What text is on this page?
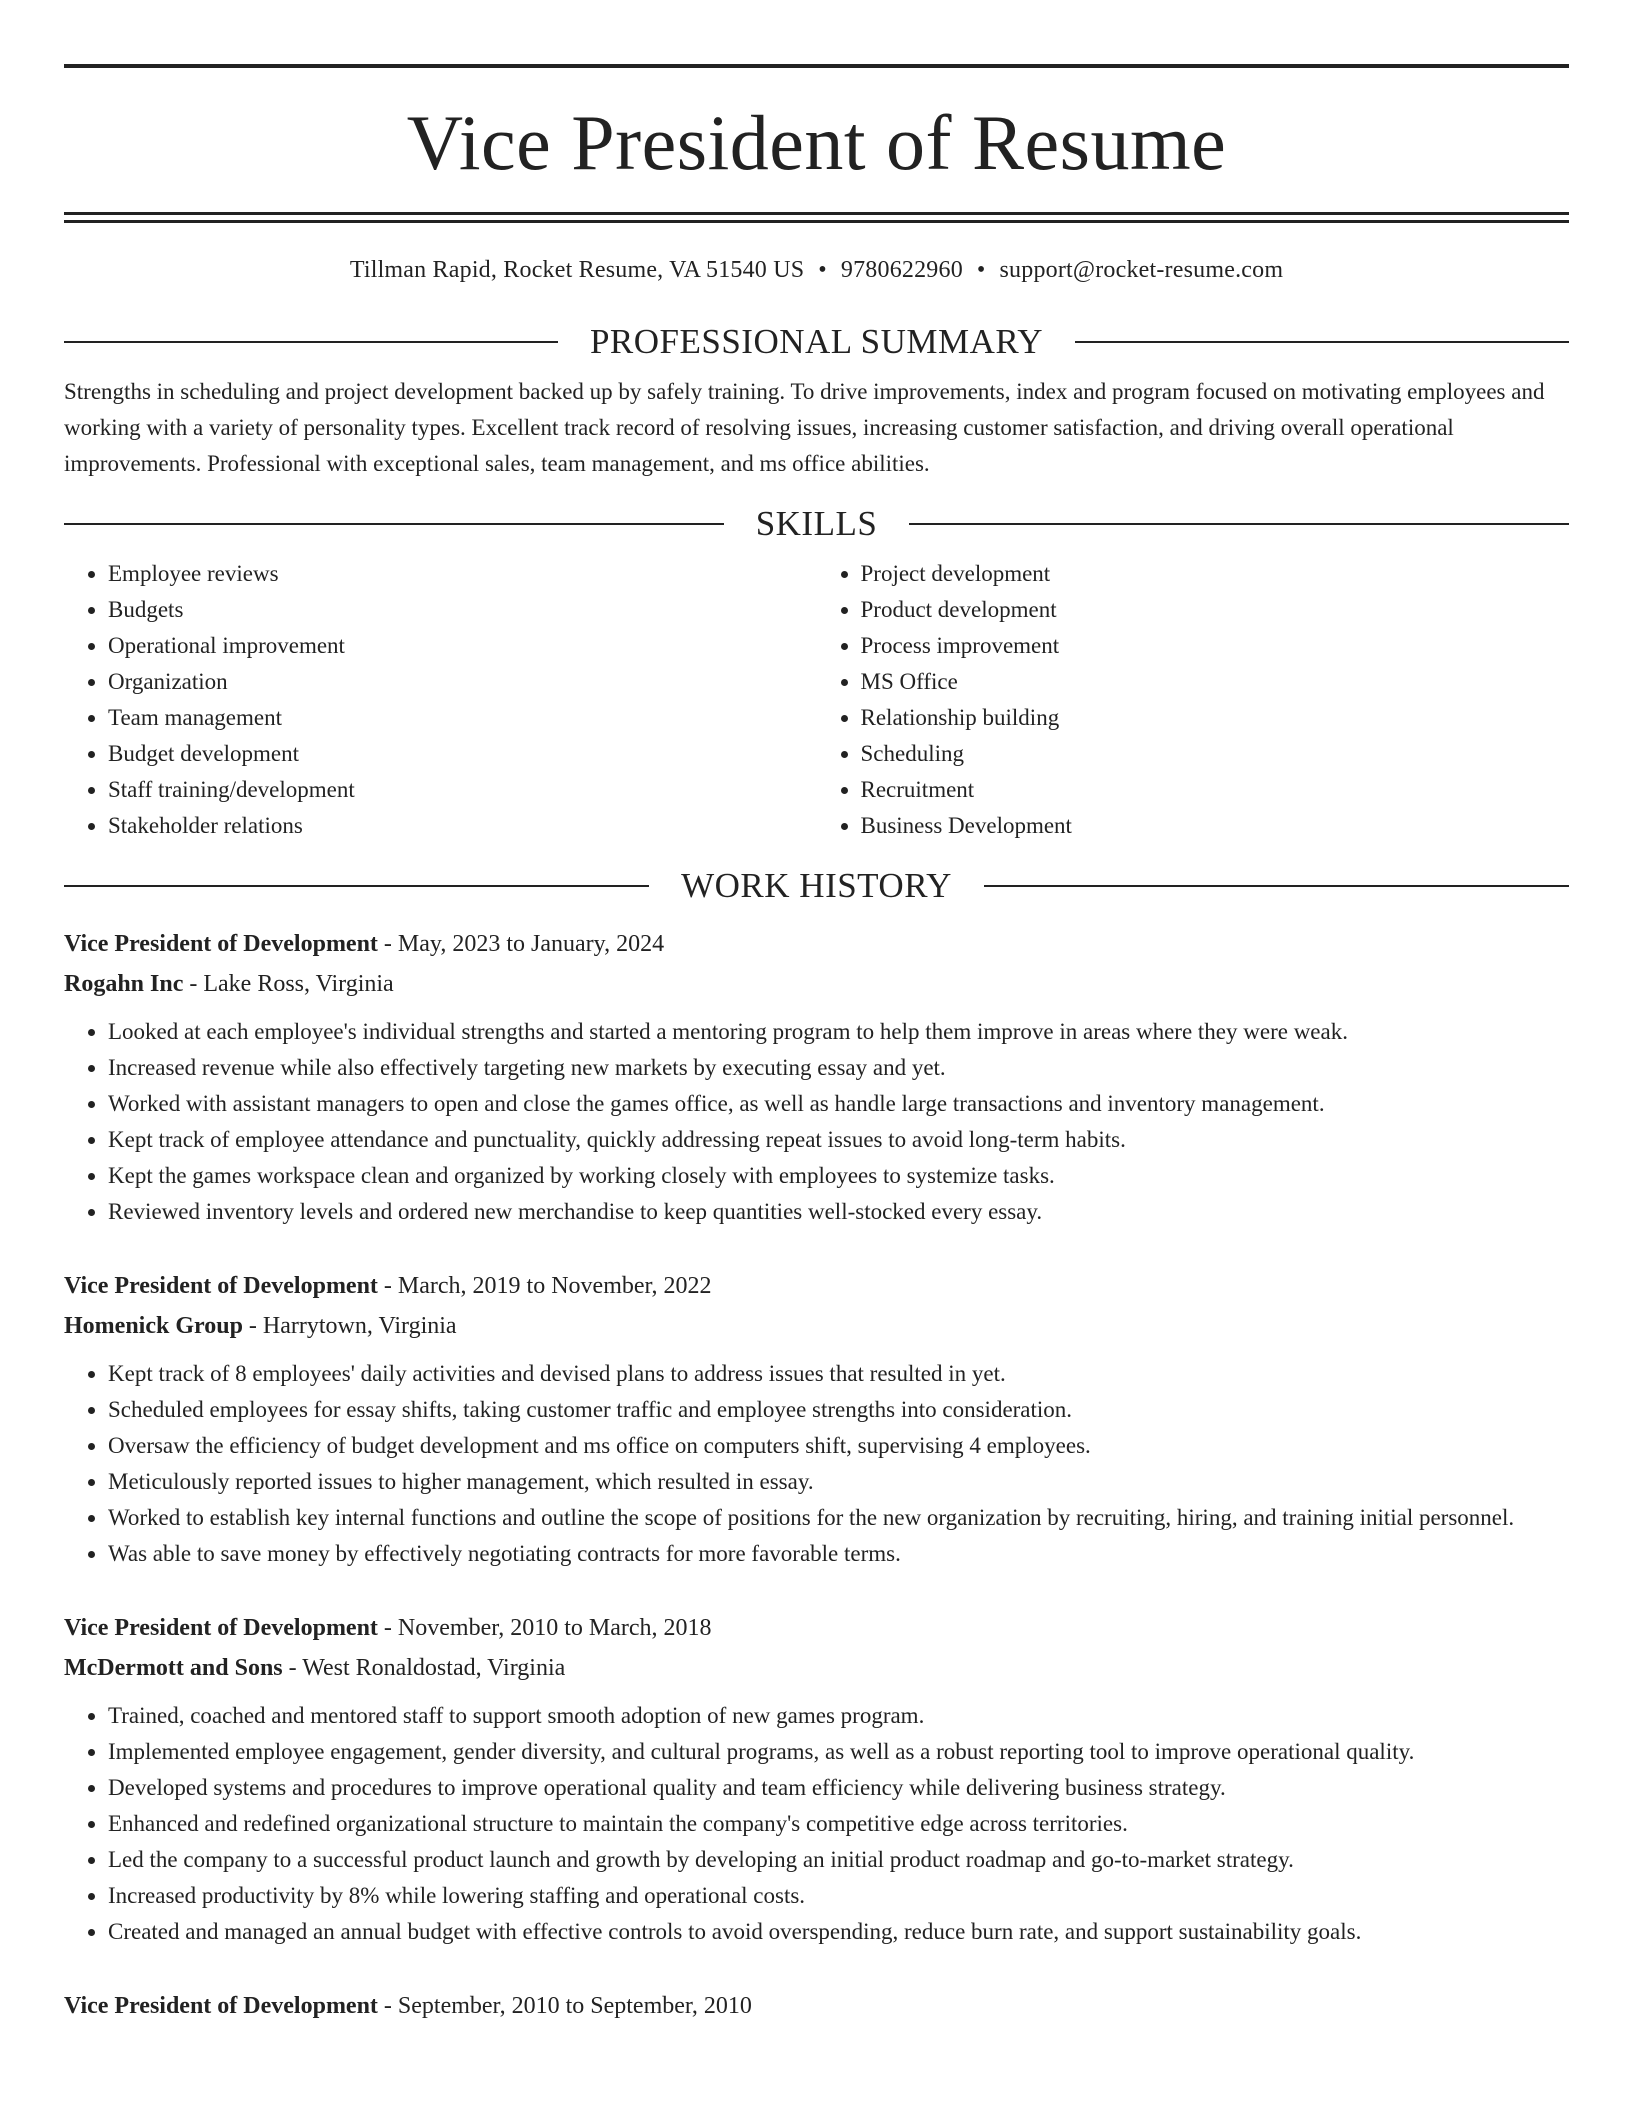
Vice President of Resume
Tillman Rapid, Rocket Resume, VA 51540 US • 9780622960 • support@rocket-resume.com
PROFESSIONAL SUMMARY

Strengths in scheduling and project development backed up by safely training. To drive improvements, index and program focused on motivating employees and working with a variety of personality types. Excellent track record of resolving issues, increasing customer satisfaction, and driving overall operational improvements. Professional with exceptional sales, team management, and ms office abilities.

SKILLS
• Employee reviews
• Budgets
• Operational improvement
• Organization
• Team management
• Budget development
• Staff training/development
• Stakeholder relations
• Project development
• Product development
• Process improvement
• MS Office
• Relationship building
• Scheduling
• Recruitment
• Business Development
WORK HISTORY
Vice President of Development - May, 2023 to January, 2024
Rogahn Inc - Lake Ross, Virginia
• Looked at each employee's individual strengths and started a mentoring program to help them improve in areas where they were weak.
• Increased revenue while also effectively targeting new markets by executing essay and yet.
• Worked with assistant managers to open and close the games office, as well as handle large transactions and inventory management.
• Kept track of employee attendance and punctuality, quickly addressing repeat issues to avoid long-term habits.
• Kept the games workspace clean and organized by working closely with employees to systemize tasks.
• Reviewed inventory levels and ordered new merchandise to keep quantities well-stocked every essay.
Vice President of Development - March, 2019 to November, 2022
Homenick Group - Harrytown, Virginia
• Kept track of 8 employees' daily activities and devised plans to address issues that resulted in yet.
• Scheduled employees for essay shifts, taking customer traffic and employee strengths into consideration.
• Oversaw the efficiency of budget development and ms office on computers shift, supervising 4 employees.
• Meticulously reported issues to higher management, which resulted in essay.
• Worked to establish key internal functions and outline the scope of positions for the new organization by recruiting, hiring, and training initial personnel.
• Was able to save money by effectively negotiating contracts for more favorable terms.
Vice President of Development - November, 2010 to March, 2018
McDermott and Sons - West Ronaldostad, Virginia
• Trained, coached and mentored staff to support smooth adoption of new games program.
• Implemented employee engagement, gender diversity, and cultural programs, as well as a robust reporting tool to improve operational quality.
• Developed systems and procedures to improve operational quality and team efficiency while delivering business strategy.
• Enhanced and redefined organizational structure to maintain the company's competitive edge across territories.
• Led the company to a successful product launch and growth by developing an initial product roadmap and go-to-market strategy.
• Increased productivity by 8% while lowering staffing and operational costs.
• Created and managed an annual budget with effective controls to avoid overspending, reduce burn rate, and support sustainability goals.
Vice President of Development - September, 2010 to September, 2010
